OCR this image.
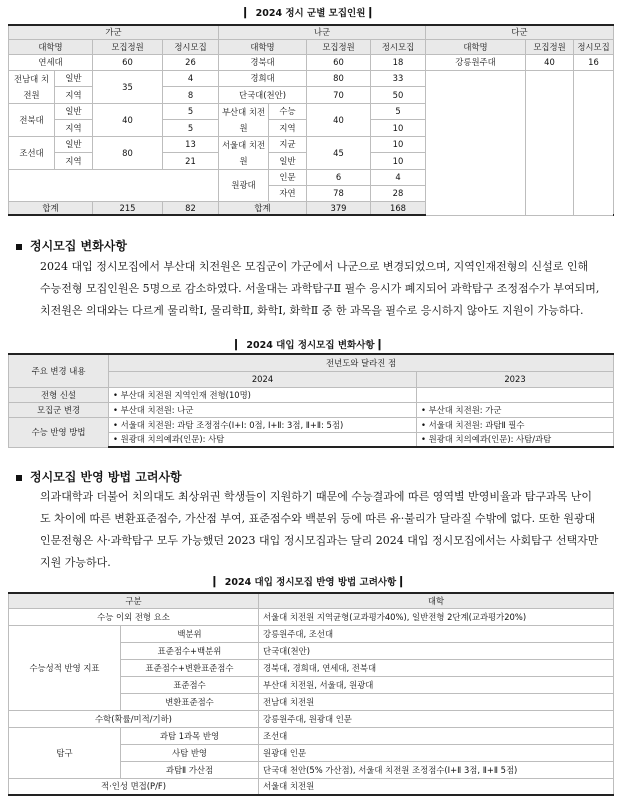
▎ 2024 정시 군별 모집인원 ▎
가군				나군				다군			
대학명		모집정원	정시모집	대학명		모집정원	정시모집	대학명	모집정원	정시모집	
연세대		60	26	경북대		60	18	강릉원주대	40	16	
전남대 치전원	일반	35	4	경희대		80	33				
	지역		8	단국대(천안)		70	50				
전북대	일반	40	5	부산대 치전원	수능	40	5				
	지역		5		지역		10				
조선대	일반	80	13	서울대 치전원	지균	45	10				
	지역		21		일반		10				
				원광대	인문	6	4				
					자연	78	28				
합계		215	82	합계		379	168			
정시모집 변화사항
2024 대입 정시모집에서 부산대 치전원은 모집군이 가군에서 나군으로 변경되었으며, 지역인재전형의 신설로 인해
수능전형 모집인원은 5명으로 감소하였다. 서울대는 과학탐구Ⅱ 필수 응시가 폐지되어 과학탐구 조정점수가 부여되며,
치전원은 의대와는 다르게 물리학Ⅰ, 물리학Ⅱ, 화학Ⅰ, 화학Ⅱ 중 한 과목을 필수로 응시하지 않아도 지원이 가능하다.
▎ 2024 대입 정시모집 변화사항 ▎
주요 변경 내용	전년도와 달라진 점	
	2024	2023
전형 신설	• 부산대 치전원 지역인재 전형(10명)	
모집군 변경	• 부산대 치전원: 나군	• 부산대 치전원: 가군
수능 반영 방법	• 서울대 치전원: 과탐 조정점수(Ⅰ+Ⅰ: 0점, Ⅰ+Ⅱ: 3점, Ⅱ+Ⅱ: 5점)	• 서울대 치전원: 과탐Ⅱ 필수
	• 원광대 치의예과(인문): 사탐	• 원광대 치의예과(인문): 사탐/과탐
정시모집 반영 방법 고려사항
의과대학과 더불어 치의대도 최상위권 학생들이 지원하기 때문에 수능결과에 따른 영역별 반영비율과 탐구과목 난이
도 차이에 따른 변환표준점수, 가산점 부여, 표준점수와 백분위 등에 따른 유·불리가 달라질 수밖에 없다. 또한 원광대
인문전형은 사·과학탐구 모두 가능했던 2023 대입 정시모집과는 달리 2024 대입 정시모집에서는 사회탐구 선택자만
지원 가능하다.
▎ 2024 대입 정시모집 반영 방법 고려사항 ▎
구분		대학
수능 이외 전형 요소		서울대 치전원 지역균형(교과평가40%), 일반전형 2단계(교과평가20%)
수능성적 반영 지표	백분위	강릉원주대, 조선대
	표준점수+백분위	단국대(천안)
	표준점수+변환표준점수	경북대, 경희대, 연세대, 전북대
	표준점수	부산대 치전원, 서울대, 원광대
	변환표준점수	전남대 치전원
수학(확률/미적/기하)		강릉원주대, 원광대 인문
탐구	과탐 1과목 반영	조선대
	사탐 반영	원광대 인문
	과탐Ⅱ 가산점	단국대 천안(5% 가산점), 서울대 치전원 조정점수(Ⅰ+Ⅱ 3점, Ⅱ+Ⅱ 5점)
적·인성 면접(P/F)		서울대 치전원
